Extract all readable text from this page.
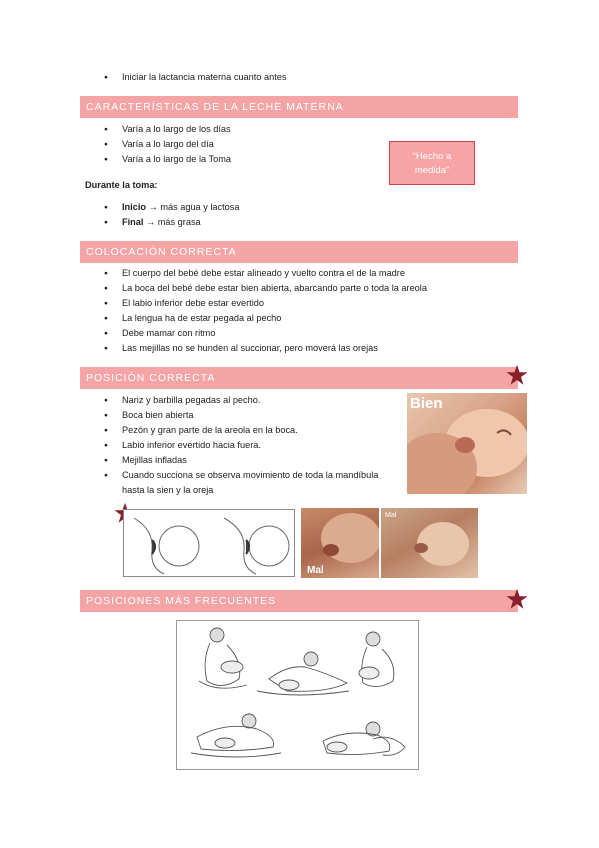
● Iniciar la lactancia materna cuanto antes
CARACTERÍSTICAS DE LA LECHE MATERNA
● Varía a lo largo de los días
● Varía a lo largo del día
● Varía a lo largo de la Toma	“Hecho a medida”
Durante la toma:
● Inicio → más agua y lactosa
● Final → más grasa
COLOCACIÓN CORRECTA
● El cuerpo del bebé debe estar alineado y vuelto contra el de la madre
● La boca del bebé debe estar bien abierta, abarcando parte o toda la areola
● El labio inferior debe estar evertido
● La lengua ha de estar pegada al pecho
● Debe mamar con ritmo
● Las mejillas no se hunden al succionar, pero moverá las orejas
POSICIÓN CORRECTA
● Nariz y barbilla pegadas al pecho.
● Boca bien abierta
● Pezón y gran parte de la areola en la boca.
● Labio inferior evertido hacia fuera.
● Mejillas infladas
● Cuando succiona se observa movimiento de toda la mandíbula
hasta la sien y la oreja
Bien
Mal
Mal
POSICIONES MÁS FRECUENTES
